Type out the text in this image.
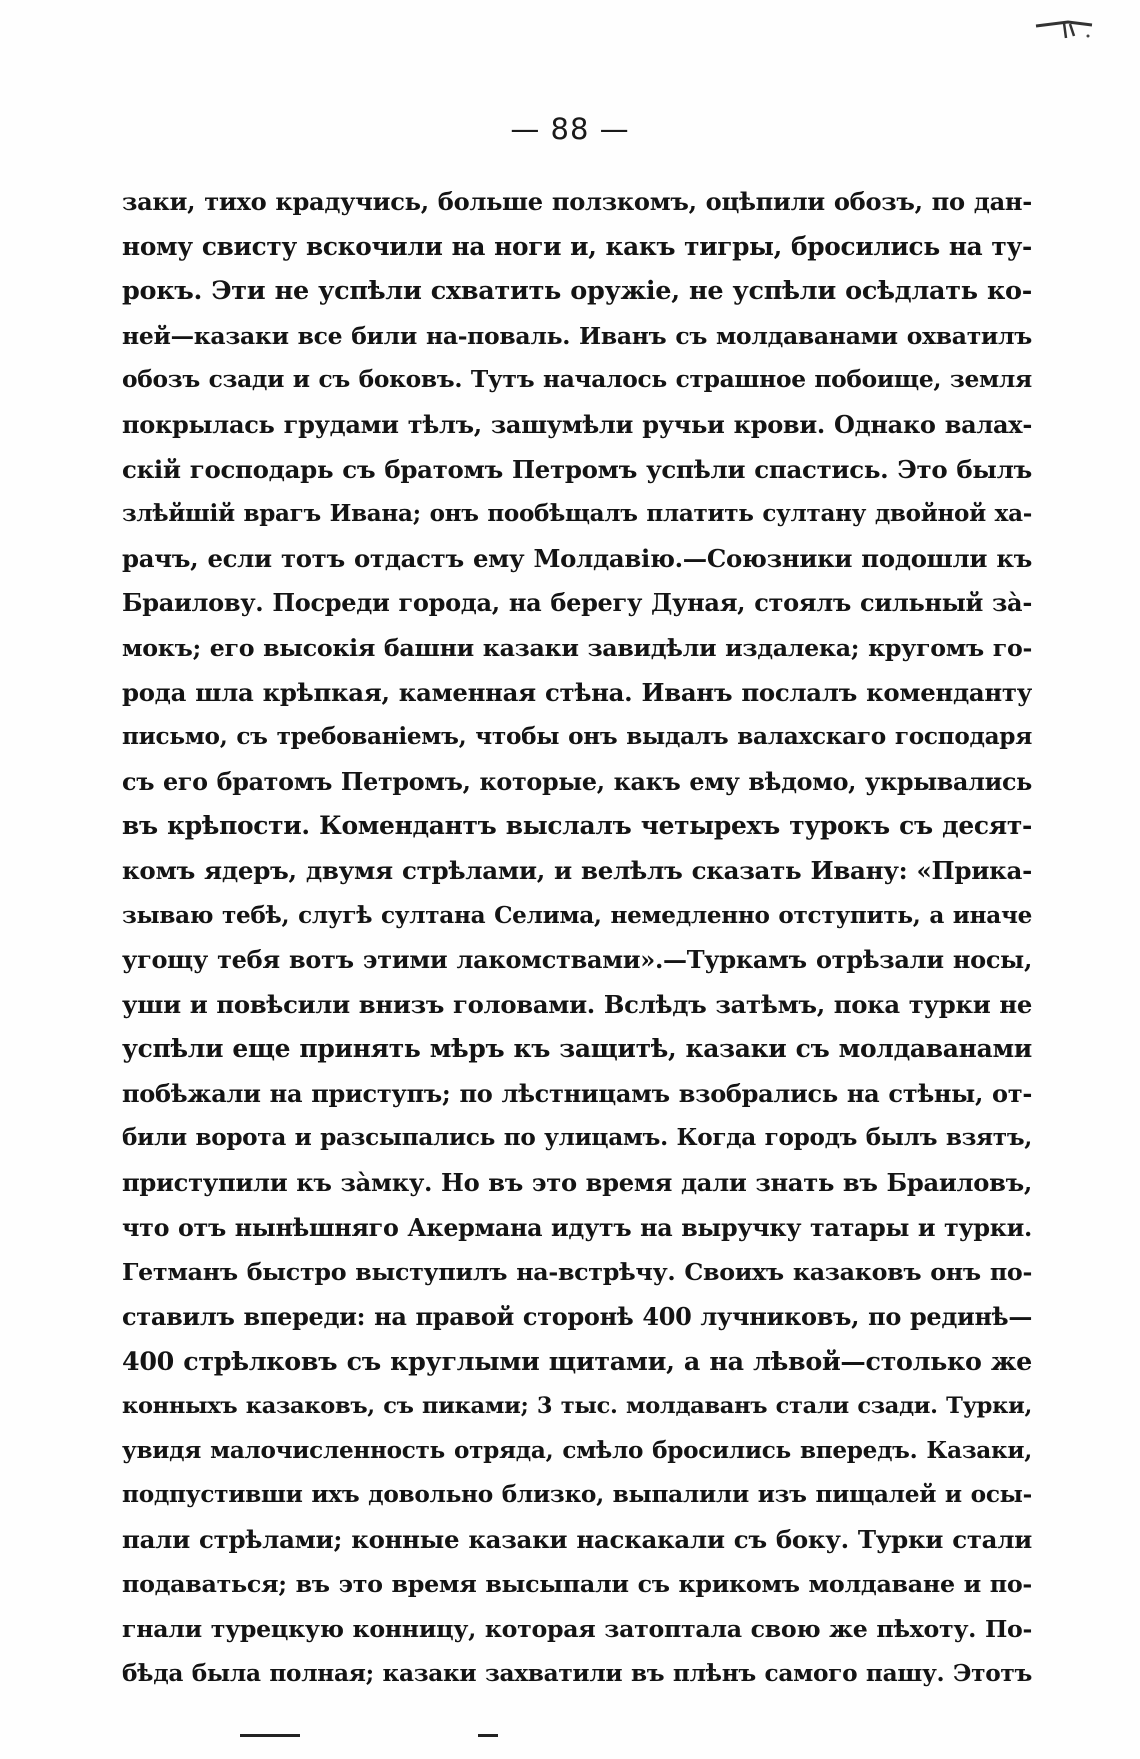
— 88 —
заки, тихо крадучись, больше ползкомъ, оцѣпили обозъ, по дан-
ному свисту вскочили на ноги и, какъ тигры, бросились на ту-
рокъ. Эти не успѣли схватить оружіе, не успѣли осѣдлать ко-
ней—казаки все били на-поваль. Иванъ съ молдаванами охватилъ
обозъ сзади и съ боковъ. Тутъ началось страшное побоище, земля
покрылась грудами тѣлъ, зашумѣли ручьи крови. Однако валах-
скій господарь съ братомъ Петромъ успѣли спастись. Это былъ
злѣйшій врагъ Ивана; онъ пообѣщалъ платить султану двойной ха-
рачъ, если тотъ отдастъ ему Молдавію.—Союзники подошли къ
Браилову. Посреди города, на берегу Дуная, стоялъ сильный зà-
мокъ; его высокія башни казаки завидѣли издалека; кругомъ го-
рода шла крѣпкая, каменная стѣна. Иванъ послалъ коменданту
письмо, съ требованіемъ, чтобы онъ выдалъ валахскаго господаря
съ его братомъ Петромъ, которые, какъ ему вѣдомо, укрывались
въ крѣпости. Комендантъ выслалъ четырехъ турокъ съ десят-
комъ ядеръ, двумя стрѣлами, и велѣлъ сказать Ивану: «Прика-
зываю тебѣ, слугѣ султана Селима, немедленно отступить, а иначе
угощу тебя вотъ этими лакомствами».—Туркамъ отрѣзали носы,
уши и повѣсили внизъ головами. Вслѣдъ затѣмъ, пока турки не
успѣли еще принять мѣръ къ защитѣ, казаки съ молдаванами
побѣжали на приступъ; по лѣстницамъ взобрались на стѣны, от-
били ворота и разсыпались по улицамъ. Когда городъ былъ взятъ,
приступили къ зàмку. Но въ это время дали знать въ Браиловъ,
что отъ нынѣшняго Акермана идутъ на выручку татары и турки.
Гетманъ быстро выступилъ на-встрѣчу. Своихъ казаковъ онъ по-
ставилъ впереди: на правой сторонѣ 400 лучниковъ, по рединѣ—
400 стрѣлковъ съ круглыми щитами, а на лѣвой—столько же
конныхъ казаковъ, съ пиками; 3 тыс. молдаванъ стали сзади. Турки,
увидя малочисленность отряда, смѣло бросились впередъ. Казаки,
подпустивши ихъ довольно близко, выпалили изъ пищалей и осы-
пали стрѣлами; конные казаки наскакали съ боку. Турки стали
подаваться; въ это время высыпали съ крикомъ молдаване и по-
гнали турецкую конницу, которая затоптала свою же пѣхоту. По-
бѣда была полная; казаки захватили въ плѣнъ самого пашу. Этотъ
